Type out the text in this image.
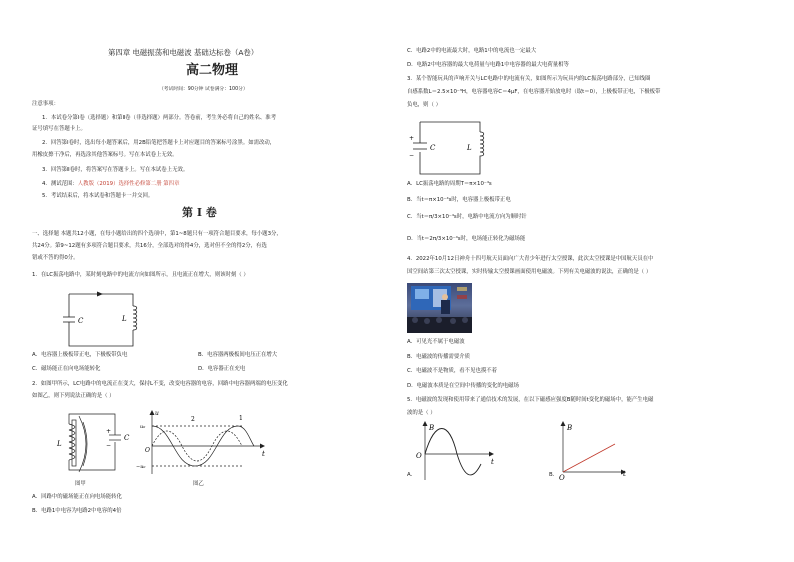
第四章 电磁振荡和电磁波 基础达标卷（A卷）
高二物理
（考试时间：90分钟 试卷满分：100分）
注意事项：
1．本试卷分第Ⅰ卷（选择题）和第Ⅱ卷（非选择题）两部分。答卷前，考生务必将自己的姓名、准考
证号填写在答题卡上。
2．回答第Ⅰ卷时，选出每小题答案后，用2B铅笔把答题卡上对应题目的答案标号涂黑。如需改动，
用橡皮擦干净后，再选涂其他答案标号。写在本试卷上无效。
3．回答第Ⅱ卷时，将答案写在答题卡上。写在本试卷上无效。
4．测试范围：人教版（2019）选择性必修第二册 第四章
5．考试结束后，将本试卷和答题卡一并交回。
第 Ⅰ 卷
一、选择题 本题共12小题，在每小题给出的四个选项中，第1~8题只有一项符合题目要求，每小题3分，
共24分。第9~12题有多项符合题目要求，共16分，全部选对的得4分，选对但不全的得2分，有选
错或不答的得0分。
1．在LC振荡电路中，某时刻电路中的电流方向如图所示，且电流正在增大，则该时刻（ ）
C	L
A．电容器上极板带正电，下极板带负电	B．电容器两极板间电压正在增大
C．磁场能正在向电场能转化	D．电容器正在充电
2．如图甲所示，LC电路中的电流正在变大，保持L不变，改变电容器的电容，回路中电容器两端的电压变化
如图乙，则下列说法正确的是（ ）
L
+
−
C
图甲
u
u₀
−u₀
O	t
1
2
图乙
A．回路中的磁场能正在向电场能转化
B．电路1中电容为电路2中电容的4倍
C．电路2中的电流最大时，电路1中的电流也一定最大
D．电路2中电容器的最大电荷量与电路1中电容器的最大电荷量相等
3．某个智能玩具的声响开关与LC电路中的电流有关，如图所示为玩具内的LC振荡电路部分，已知线圈
自感系数L＝2.5×10⁻³H，电容器电容C＝4μF，在电容器开始放电时（取t＝0），上极板带正电，下极板带
负电，则（ ）
+
−
C	L
A．LC振荡电路的周期T＝π×10⁻⁴s
B．当t＝π×10⁻⁴s时，电容器上极板带正电
C．当t＝π/3×10⁻⁴s时，电路中电流方向为顺时针
D．当t＝2π/3×10⁻⁴s时，电场能正转化为磁场能
4．2022年10月12日神舟十四号航天员面向广大青少年进行太空授课，此次太空授课是中国航天员在中
国空间站第三次太空授课，实时传输太空授课画面使用电磁波。下列有关电磁波的说法，正确的是（ ）
A．可见光不属于电磁波
B．电磁波的传播需要介质
C．电磁波不是物质，看不见也摸不着
D．电磁波本质是在空间中传播的变化的电磁场
5．电磁波的发现和使用带来了通信技术的发展，在以下磁感应强度B随时间t变化的磁场中，能产生电磁
波的是（ ）
B
O
t
A．
B
O	t
B．
